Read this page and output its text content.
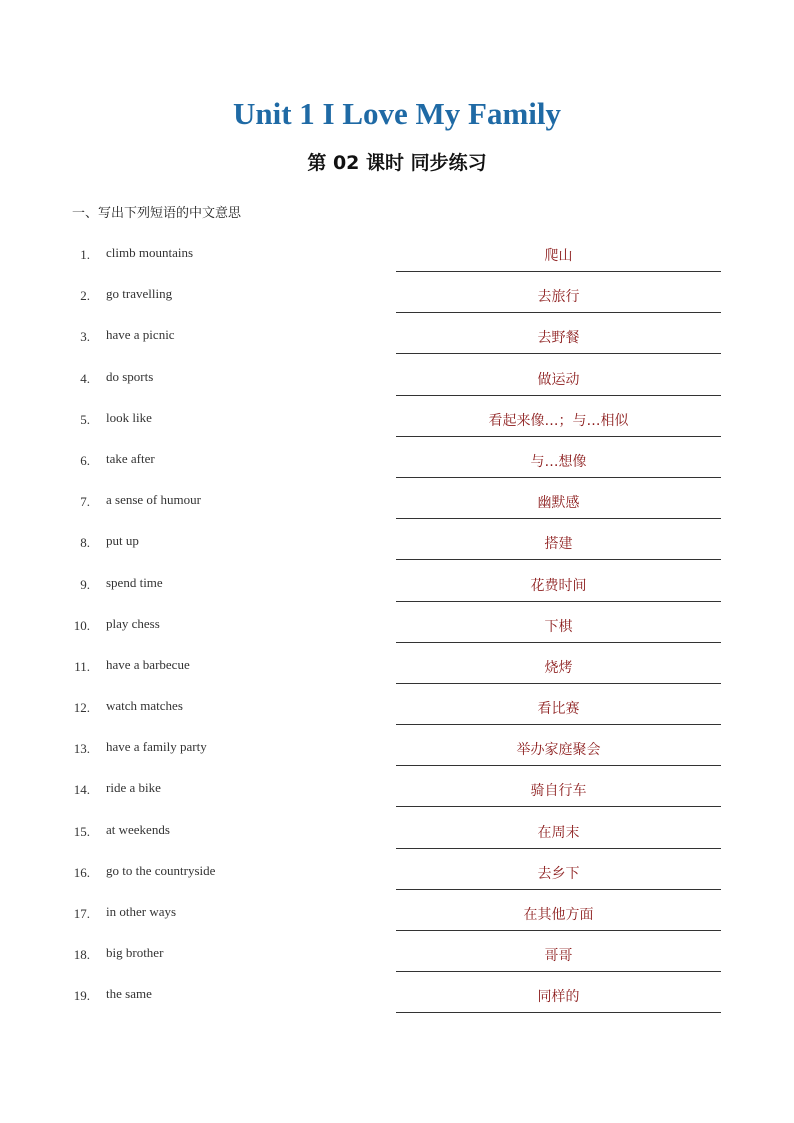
Unit 1 I Love My Family
第 02 课时 同步练习
一、写出下列短语的中文意思
1. climb mountains	爬山
2. go travelling	去旅行
3. have a picnic	去野餐
4. do sports	做运动
5. look like	看起来像…；与…相似
6. take after	与…想像
7. a sense of humour	幽默感
8. put up	搭建
9. spend time	花费时间
10. play chess	下棋
11. have a barbecue	烧烤
12. watch matches	看比赛
13. have a family party	举办家庭聚会
14. ride a bike	骑自行车
15. at weekends	在周末
16. go to the countryside	去乡下
17. in other ways	在其他方面
18. big brother	哥哥
19. the same	同样的
